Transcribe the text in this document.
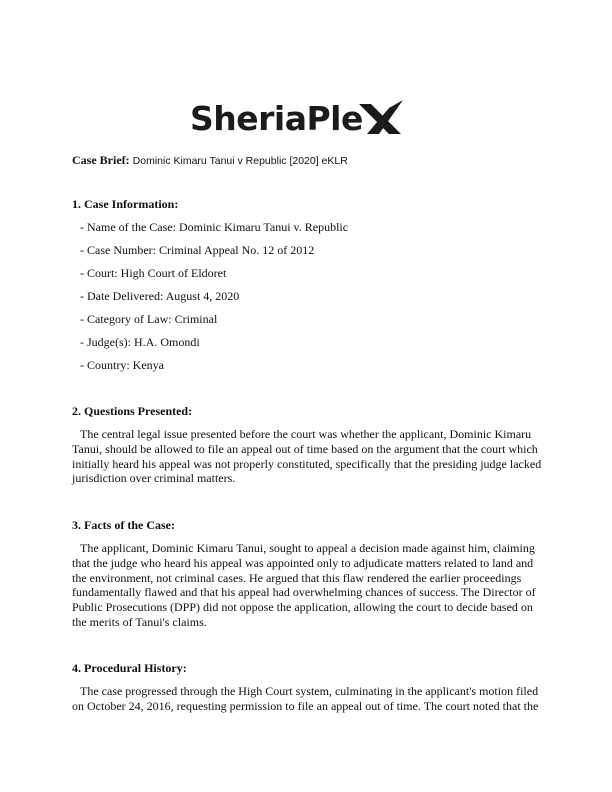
SheriaPle
Case Brief: Dominic Kimaru Tanui v Republic [2020] eKLR
1. Case Information:
- Name of the Case: Dominic Kimaru Tanui v. Republic
- Case Number: Criminal Appeal No. 12 of 2012
- Court: High Court of Eldoret
- Date Delivered: August 4, 2020
- Category of Law: Criminal
- Judge(s): H.A. Omondi
- Country: Kenya
2. Questions Presented:

The central legal issue presented before the court was whether the applicant, Dominic Kimaru Tanui, should be allowed to file an appeal out of time based on the argument that the court which initially heard his appeal was not properly constituted, specifically that the presiding judge lacked jurisdiction over criminal matters.

3. Facts of the Case:

The applicant, Dominic Kimaru Tanui, sought to appeal a decision made against him, claiming that the judge who heard his appeal was appointed only to adjudicate matters related to land and the environment, not criminal cases. He argued that this flaw rendered the earlier proceedings fundamentally flawed and that his appeal had overwhelming chances of success. The Director of Public Prosecutions (DPP) did not oppose the application, allowing the court to decide based on the merits of Tanui's claims.

4. Procedural History:

The case progressed through the High Court system, culminating in the applicant's motion filed on October 24, 2016, requesting permission to file an appeal out of time. The court noted that the
